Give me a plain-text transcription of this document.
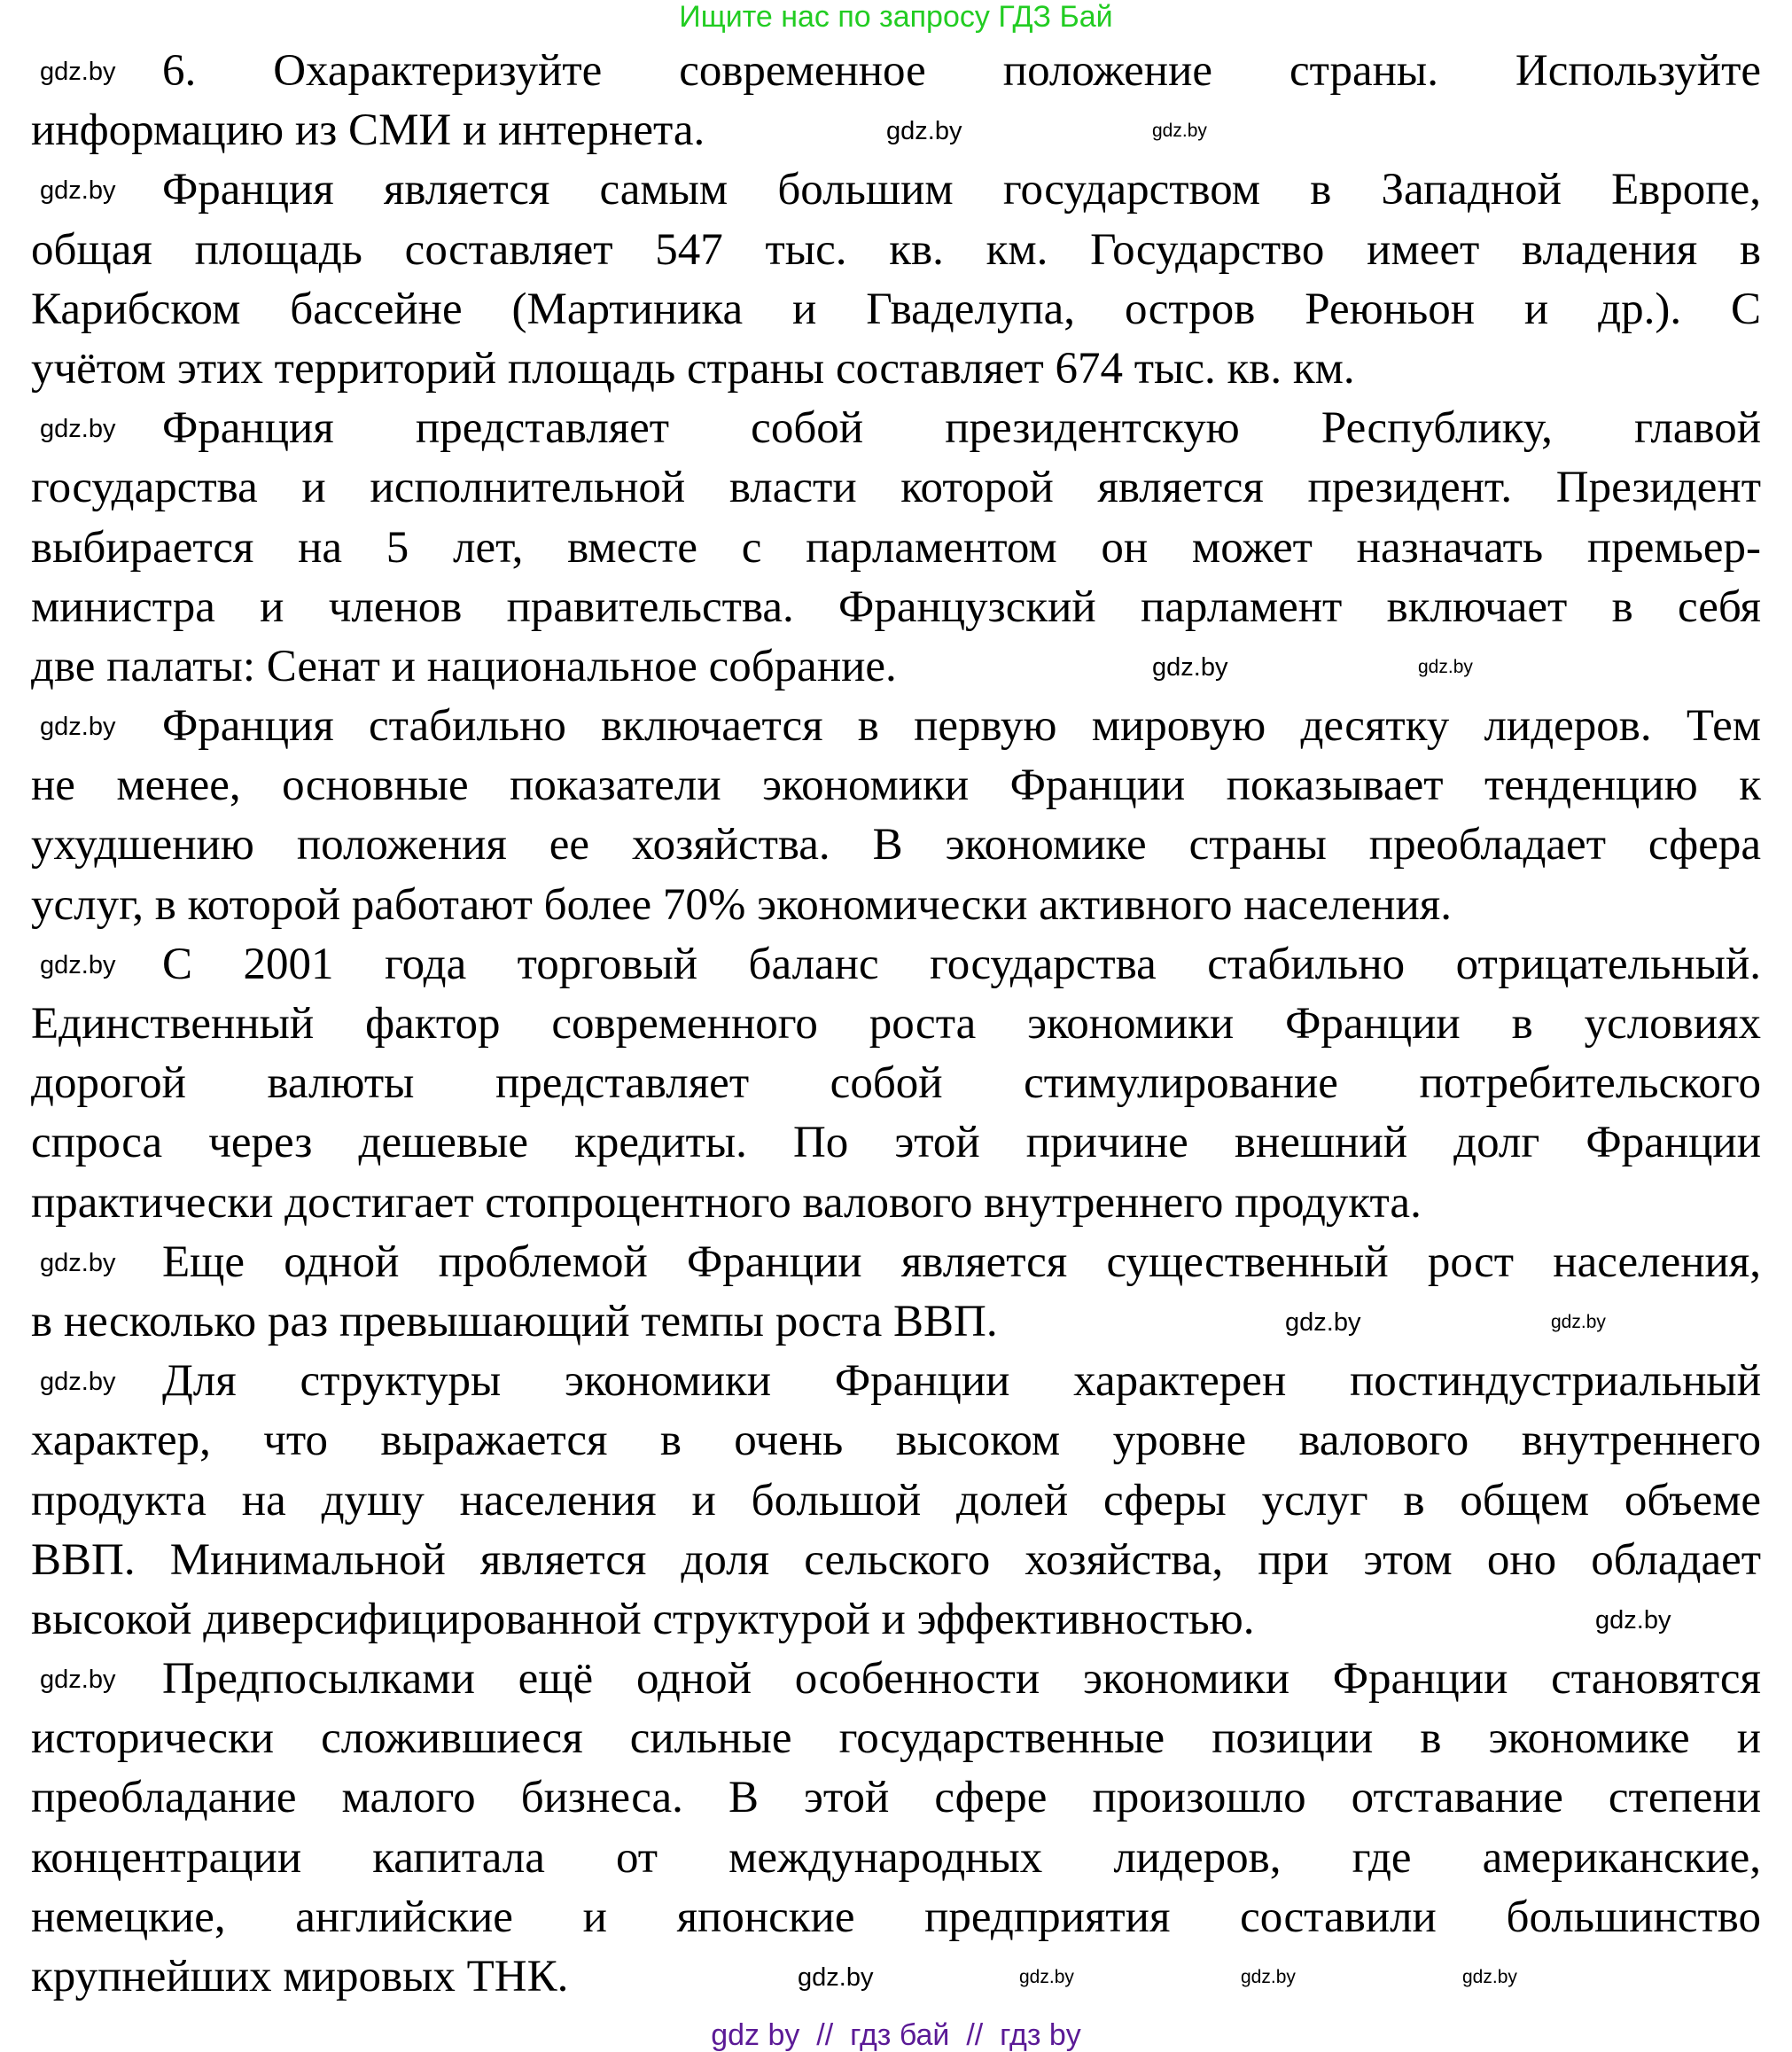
Ищите нас по запросу ГДЗ Бай
6. Охарактеризуйте современное положение страны. Используйте
информацию из СМИ и интернета.
Франция является самым большим государством в Западной Европе,
общая площадь составляет 547 тыс. кв. км. Государство имеет владения в
Карибском бассейне (Мартиника и Гваделупа, остров Реюньон и др.). С
учётом этих территорий площадь страны составляет 674 тыс. кв. км.
Франция представляет собой президентскую Республику, главой
государства и исполнительной власти которой является президент. Президент
выбирается на 5 лет, вместе с парламентом он может назначать премьер-
министра и членов правительства. Французский парламент включает в себя
две палаты: Сенат и национальное собрание.
Франция стабильно включается в первую мировую десятку лидеров. Тем
не менее, основные показатели экономики Франции показывает тенденцию к
ухудшению положения ее хозяйства. В экономике страны преобладает сфера
услуг, в которой работают более 70% экономически активного населения.
С 2001 года торговый баланс государства стабильно отрицательный.
Единственный фактор современного роста экономики Франции в условиях
дорогой валюты представляет собой стимулирование потребительского
спроса через дешевые кредиты. По этой причине внешний долг Франции
практически достигает стопроцентного валового внутреннего продукта.
Еще одной проблемой Франции является существенный рост населения,
в несколько раз превышающий темпы роста ВВП.
Для структуры экономики Франции характерен постиндустриальный
характер, что выражается в очень высоком уровне валового внутреннего
продукта на душу населения и большой долей сферы услуг в общем объеме
ВВП. Минимальной является доля сельского хозяйства, при этом оно обладает
высокой диверсифицированной структурой и эффективностью.
Предпосылками ещё одной особенности экономики Франции становятся
исторически сложившиеся сильные государственные позиции в экономике и
преобладание малого бизнеса. В этой сфере произошло отставание степени
концентрации капитала от международных лидеров, где американские,
немецкие, английские и японские предприятия составили большинство
крупнейших мировых ТНК.
gdz.by
gdz.by
gdz.by
gdz.by
gdz.by
gdz.by
gdz.by
gdz.by
gdz.by	gdz.by
gdz.by	gdz.by
gdz.by	gdz.by
gdz.by
gdz.by	gdz.by	gdz.by	gdz.by
gdz by  //  гдз бай  //  гдз by
